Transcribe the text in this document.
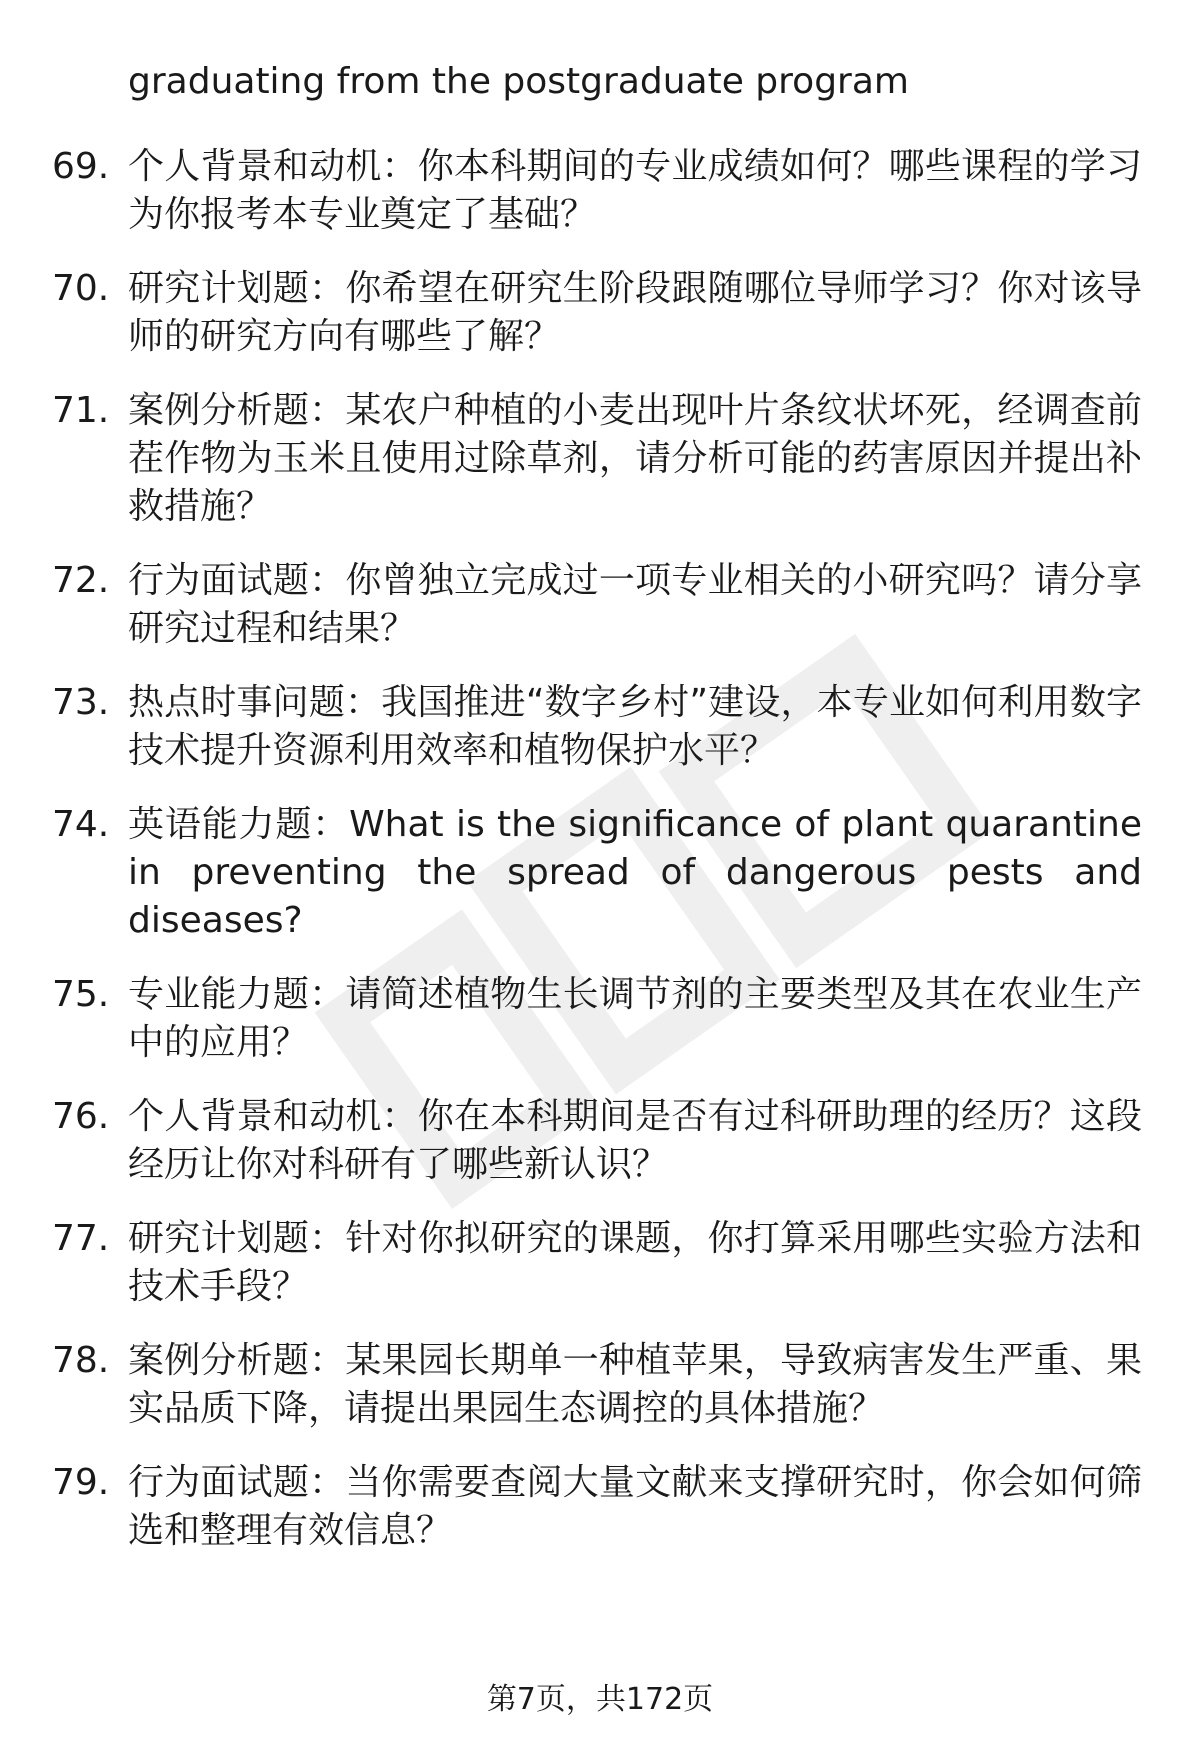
graduating from the postgraduate program
69. 个人背景和动机：你本科期间的专业成绩如何？哪些课程的学习为你报考本专业奠定了基础？
70. 研究计划题：你希望在研究生阶段跟随哪位导师学习？你对该导师的研究方向有哪些了解？
71. 案例分析题：某农户种植的小麦出现叶片条纹状坏死，经调查前茬作物为玉米且使用过除草剂，请分析可能的药害原因并提出补救措施？
72. 行为面试题：你曾独立完成过一项专业相关的小研究吗？请分享研究过程和结果？
73. 热点时事问题：我国推进“数字乡村”建设，本专业如何利用数字技术提升资源利用效率和植物保护水平？
74. 英语能力题：What is the significance of plant quarantine in preventing the spread of dangerous pests and diseases?
75. 专业能力题：请简述植物生长调节剂的主要类型及其在农业生产中的应用？
76. 个人背景和动机：你在本科期间是否有过科研助理的经历？这段经历让你对科研有了哪些新认识？
77. 研究计划题：针对你拟研究的课题，你打算采用哪些实验方法和技术手段？
78. 案例分析题：某果园长期单一种植苹果，导致病害发生严重、果实品质下降，请提出果园生态调控的具体措施？
79. 行为面试题：当你需要查阅大量文献来支撑研究时，你会如何筛选和整理有效信息？
第7页，共172页
